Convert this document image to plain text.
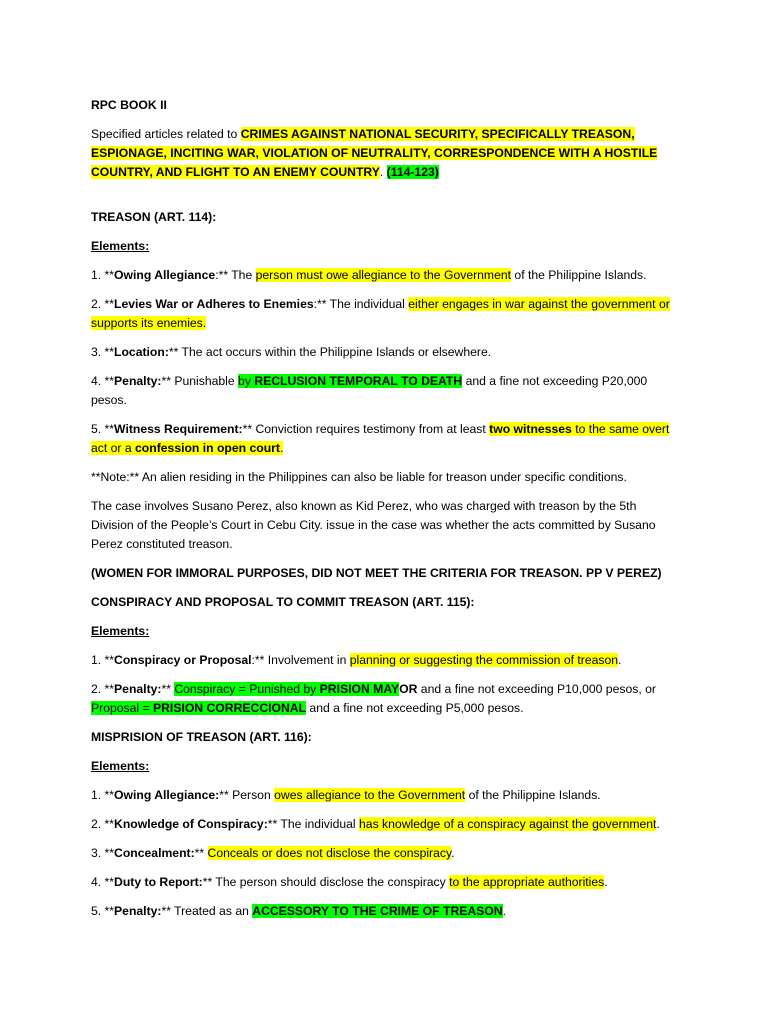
RPC BOOK II

Specified articles related to CRIMES AGAINST NATIONAL SECURITY, SPECIFICALLY TREASON, ESPIONAGE, INCITING WAR, VIOLATION OF NEUTRALITY, CORRESPONDENCE WITH A HOSTILE COUNTRY, AND FLIGHT TO AN ENEMY COUNTRY. (114-123)

TREASON (ART. 114):

Elements:

1. **Owing Allegiance:** The person must owe allegiance to the Government of the Philippine Islands.

2. **Levies War or Adheres to Enemies:** The individual either engages in war against the government or supports its enemies.

3. **Location:** The act occurs within the Philippine Islands or elsewhere.

4. **Penalty:** Punishable by RECLUSION TEMPORAL TO DEATH and a fine not exceeding P20,000 pesos.

5. **Witness Requirement:** Conviction requires testimony from at least two witnesses to the same overt act or a confession in open court.

**Note:** An alien residing in the Philippines can also be liable for treason under specific conditions.

The case involves Susano Perez, also known as Kid Perez, who was charged with treason by the 5th Division of the People’s Court in Cebu City. issue in the case was whether the acts committed by Susano Perez constituted treason.

(WOMEN FOR IMMORAL PURPOSES, DID NOT MEET THE CRITERIA FOR TREASON. PP V PEREZ)

CONSPIRACY AND PROPOSAL TO COMMIT TREASON (ART. 115):

Elements:

1. **Conspiracy or Proposal:** Involvement in planning or suggesting the commission of treason.

2. **Penalty:** Conspiracy = Punished by PRISION MAYOR and a fine not exceeding P10,000 pesos, or Proposal = PRISION CORRECCIONAL and a fine not exceeding P5,000 pesos.

MISPRISION OF TREASON (ART. 116):

Elements:

1. **Owing Allegiance:** Person owes allegiance to the Government of the Philippine Islands.

2. **Knowledge of Conspiracy:** The individual has knowledge of a conspiracy against the government.

3. **Concealment:** Conceals or does not disclose the conspiracy.

4. **Duty to Report:** The person should disclose the conspiracy to the appropriate authorities.

5. **Penalty:** Treated as an ACCESSORY TO THE CRIME OF TREASON.
